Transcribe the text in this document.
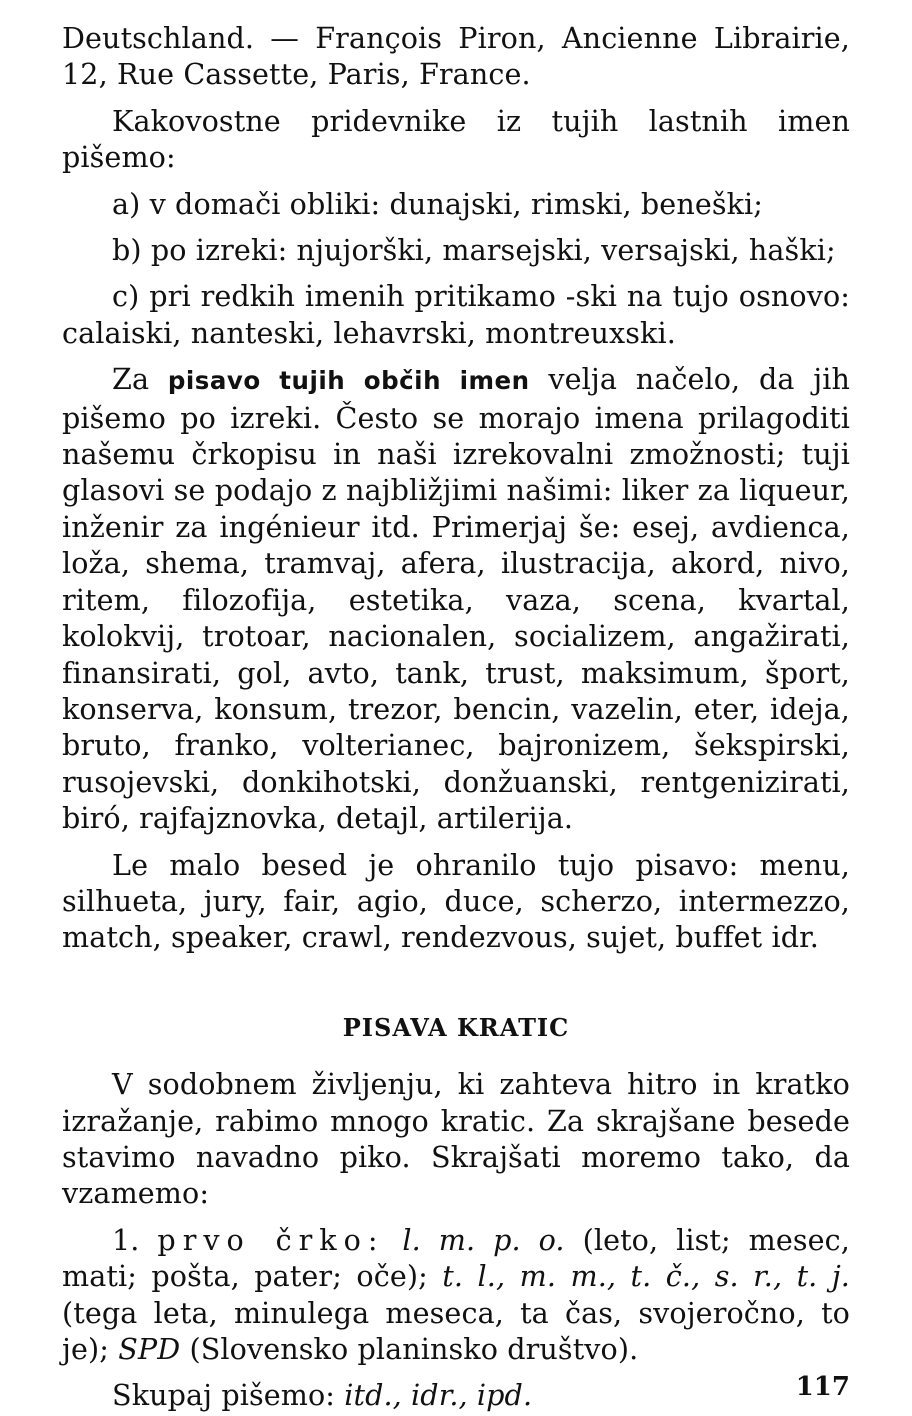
Deutschland. — François Piron, Ancienne Librairie,

12, Rue Cassette, Paris, France.

Kakovostne pridevnike iz tujih lastnih imen pišemo:

a) v domači obliki: dunajski, rimski, beneški;

b) po izreki: njujorški, marsejski, versajski, haški;

c) pri redkih imenih pritikamo -ski na tujo osnovo: calaiski, nanteski, lehavrski, montreuxski.

Za pisavo tujih občih imen velja načelo, da jih pišemo po izreki. Često se morajo imena prilagoditi našemu črkopisu in naši izrekovalni zmožnosti; tuji glasovi se podajo z najbližjimi našimi: liker za liqueur, inženir za ingénieur itd. Primerjaj še: esej, avdienca, loža, shema, tramvaj, afera, ilustracija, akord, nivo, ritem, filozofija, estetika, vaza, scena, kvartal, kolokvij, trotoar, nacionalen, socializem, angažirati, finansirati, gol, avto, tank, trust, maksimum, šport, konserva, konsum, trezor, bencin, vazelin, eter, ideja, bruto, franko, volterianec, bajronizem, šekspirski, rusojevski, donkihotski, donžuanski, rentgenizirati, biró, rajfajznovka, detajl, artilerija.

Le malo besed je ohranilo tujo pisavo: menu, silhueta, jury, fair, agio, duce, scherzo, intermezzo, match, speaker, crawl, rendezvous, sujet, buffet idr.

PISAVA KRATIC

V sodobnem življenju, ki zahteva hitro in kratko izražanje, rabimo mnogo kratic. Za skrajšane besede stavimo navadno piko. Skrajšati moremo tako, da vzamemo:

1. prvo črko: l. m. p. o. (leto, list; mesec, mati; pošta, pater; oče); t. l., m. m., t. č., s. r., t. j. (tega leta, minulega meseca, ta čas, svojeročno, to je); SPD (Slovensko planinsko društvo).

Skupaj pišemo: itd., idr., ipd.	117
